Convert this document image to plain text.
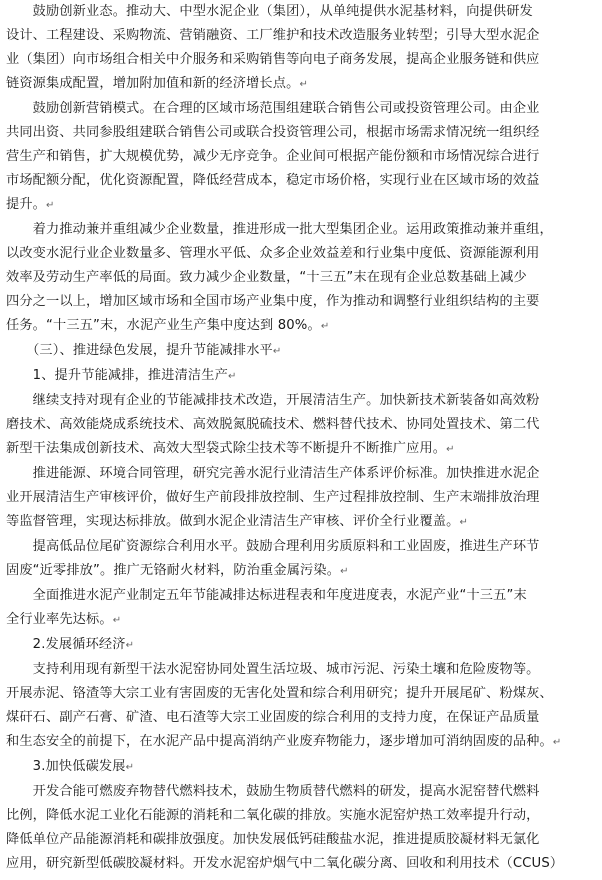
　　鼓励创新业态。推动大、中型水泥企业（集团），从单纯提供水泥基材料，向提供研发

设计、工程建设、采购物流、营销融资、工厂维护和技术改造服务业转型；引导大型水泥企

业（集团）向市场组合相关中介服务和采购销售等向电子商务发展，提高企业服务链和供应

链资源集成配置，增加附加值和新的经济增长点。↵

　　鼓励创新营销模式。在合理的区域市场范围组建联合销售公司或投资管理公司。由企业

共同出资、共同参股组建联合销售公司或联合投资管理公司，根据市场需求情况统一组织经

营生产和销售，扩大规模优势，减少无序竞争。企业间可根据产能份额和市场情况综合进行

市场配额分配，优化资源配置，降低经营成本，稳定市场价格，实现行业在区域市场的效益

提升。↵

　　着力推动兼并重组减少企业数量，推进形成一批大型集团企业。运用政策推动兼并重组，

以改变水泥行业企业数量多、管理水平低、众多企业效益差和行业集中度低、资源能源利用

效率及劳动生产率低的局面。致力减少企业数量，“十三五”末在现有企业总数基础上减少

四分之一以上，增加区域市场和全国市场产业集中度，作为推动和调整行业组织结构的主要

任务。“十三五”末，水泥产业生产集中度达到 80%。↵

　　（三）、推进绿色发展，提升节能减排水平↵

　　1、提升节能减排，推进清洁生产↵

　　继续支持对现有企业的节能减排技术改造，开展清洁生产。加快新技术新装备如高效粉

磨技术、高效能烧成系统技术、高效脱氮脱硫技术、燃料替代技术、协同处置技术、第二代

新型干法集成创新技术、高效大型袋式除尘技术等不断提升不断推广应用。↵

　　推进能源、环境合同管理，研究完善水泥行业清洁生产体系评价标准。加快推进水泥企

业开展清洁生产审核评价，做好生产前段排放控制、生产过程排放控制、生产末端排放治理

等监督管理，实现达标排放。做到水泥企业清洁生产审核、评价全行业覆盖。↵

　　提高低品位尾矿资源综合利用水平。鼓励合理利用劣质原料和工业固废，推进生产环节

固废“近零排放”。推广无铬耐火材料，防治重金属污染。↵

　　全面推进水泥产业制定五年节能减排达标进程表和年度进度表，水泥产业“十三五”末

全行业率先达标。↵

　　2.发展循环经济↵

　　支持利用现有新型干法水泥窑协同处置生活垃圾、城市污泥、污染土壤和危险废物等。

开展赤泥、铬渣等大宗工业有害固废的无害化处置和综合利用研究；提升开展尾矿、粉煤灰、

煤矸石、副产石膏、矿渣、电石渣等大宗工业固废的综合利用的支持力度，在保证产品质量

和生态安全的前提下，在水泥产品中提高消纳产业废弃物能力，逐步增加可消纳固废的品种。↵

　　3.加快低碳发展↵

　　开发合能可燃废弃物替代燃料技术，鼓励生物质替代燃料的研发，提高水泥窑替代燃料

比例，降低水泥工业化石能源的消耗和二氧化碳的排放。实施水泥窑炉热工效率提升行动，

降低单位产品能源消耗和碳排放强度。加快发展低钙硅酸盐水泥，推进提质胶凝材料无氯化

应用，研究新型低碳胶凝材料。开发水泥窑炉烟气中二氧化碳分离、回收和利用技术（CCUS）
